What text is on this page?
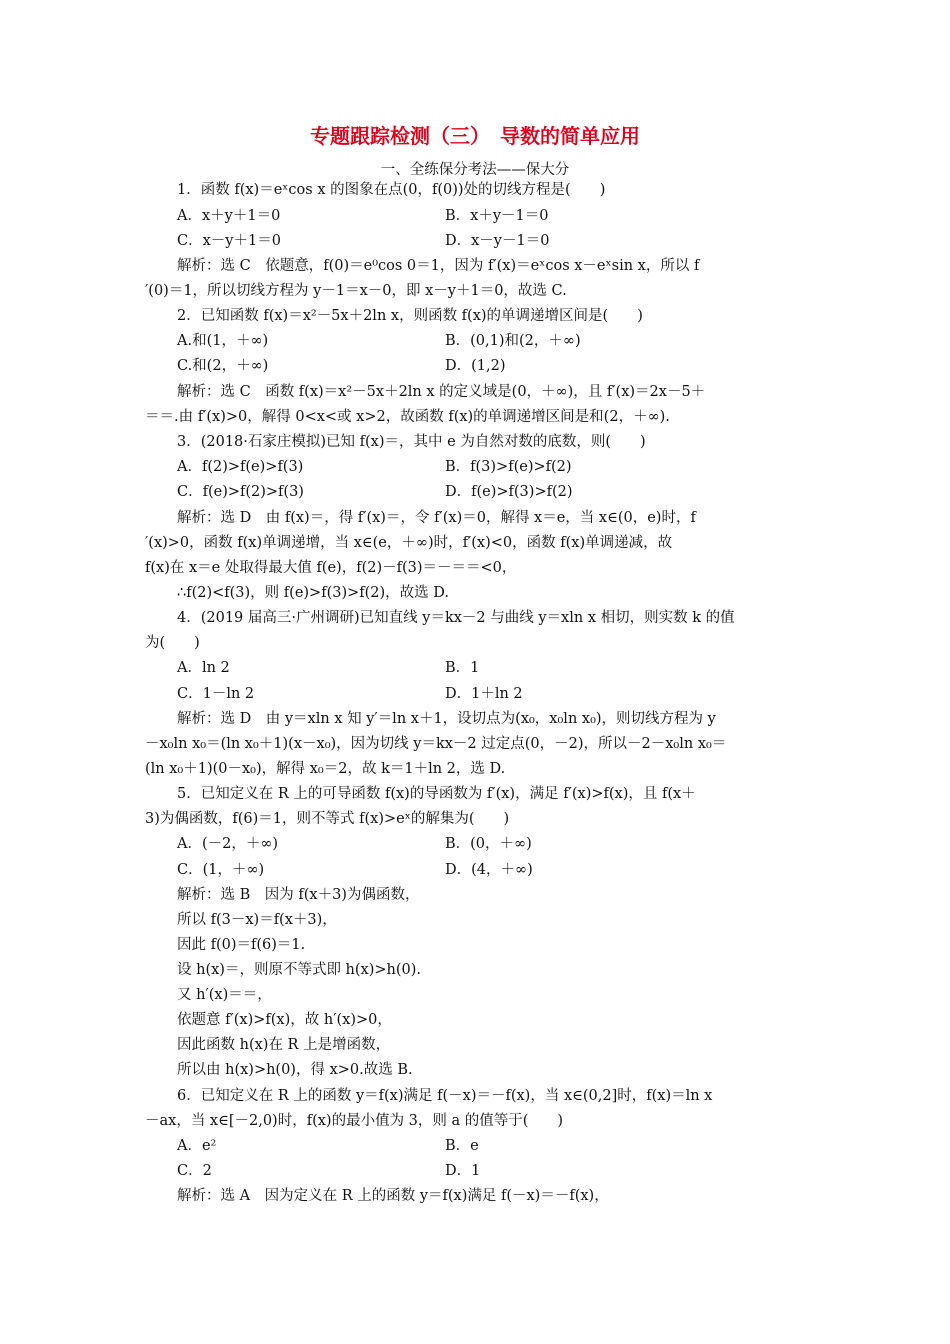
专题跟踪检测（三）　导数的简单应用
一、全练保分考法——保大分
1．函数 f(x)＝eˣcos x 的图象在点(0，f(0))处的切线方程是(　　)
A．x＋y＋1＝0	B．x＋y－1＝0
C．x－y＋1＝0	D．x－y－1＝0
解析：选 C　依题意，f(0)＝e⁰cos 0＝1，因为 f′(x)＝eˣcos x－eˣsin x，所以 f
′(0)＝1，所以切线方程为 y－1＝x－0，即 x－y＋1＝0，故选 C.
2．已知函数 f(x)＝x²－5x＋2ln x，则函数 f(x)的单调递增区间是(　　)
A.和(1，＋∞)	B．(0,1)和(2，＋∞)
C.和(2，＋∞)	D．(1,2)
解析：选 C　函数 f(x)＝x²－5x＋2ln x 的定义域是(0，＋∞)，且 f′(x)＝2x－5＋
＝＝.由 f′(x)>0，解得 0<x<或 x>2，故函数 f(x)的单调递增区间是和(2，＋∞).
3．(2018·石家庄模拟)已知 f(x)＝，其中 e 为自然对数的底数，则(　　)
A．f(2)>f(e)>f(3)	B．f(3)>f(e)>f(2)
C．f(e)>f(2)>f(3)	D．f(e)>f(3)>f(2)
解析：选 D　由 f(x)＝，得 f′(x)＝，令 f′(x)＝0，解得 x＝e，当 x∈(0，e)时，f
′(x)>0，函数 f(x)单调递增，当 x∈(e，＋∞)时，f′(x)<0，函数 f(x)单调递减，故
f(x)在 x＝e 处取得最大值 f(e)，f(2)－f(3)＝－＝＝<0，
∴f(2)<f(3)，则 f(e)>f(3)>f(2)，故选 D.
4．(2019 届高三·广州调研)已知直线 y＝kx－2 与曲线 y＝xln x 相切，则实数 k 的值
为(　　)
A．ln 2	B．1
C．1－ln 2	D．1＋ln 2
解析：选 D　由 y＝xln x 知 y′＝ln x＋1，设切点为(x₀，x₀ln x₀)，则切线方程为 y
－x₀ln x₀＝(ln x₀＋1)(x－x₀)，因为切线 y＝kx－2 过定点(0，－2)，所以－2－x₀ln x₀＝
(ln x₀＋1)(0－x₀)，解得 x₀＝2，故 k＝1＋ln 2，选 D.
5．已知定义在 R 上的可导函数 f(x)的导函数为 f′(x)，满足 f′(x)>f(x)，且 f(x＋
3)为偶函数，f(6)＝1，则不等式 f(x)>eˣ的解集为(　　)
A．(－2，＋∞)	B．(0，＋∞)
C．(1，＋∞)	D．(4，＋∞)
解析：选 B　因为 f(x＋3)为偶函数，
所以 f(3－x)＝f(x＋3)，
因此 f(0)＝f(6)＝1.
设 h(x)＝，则原不等式即 h(x)>h(0).
又 h′(x)＝＝，
依题意 f′(x)>f(x)，故 h′(x)>0，
因此函数 h(x)在 R 上是增函数，
所以由 h(x)>h(0)，得 x>0.故选 B.
6．已知定义在 R 上的函数 y＝f(x)满足 f(－x)＝－f(x)，当 x∈(0,2]时，f(x)＝ln x
－ax，当 x∈[－2,0)时，f(x)的最小值为 3，则 a 的值等于(　　)
A．e²	B．e
C．2	D．1
解析：选 A　因为定义在 R 上的函数 y＝f(x)满足 f(－x)＝－f(x)，
